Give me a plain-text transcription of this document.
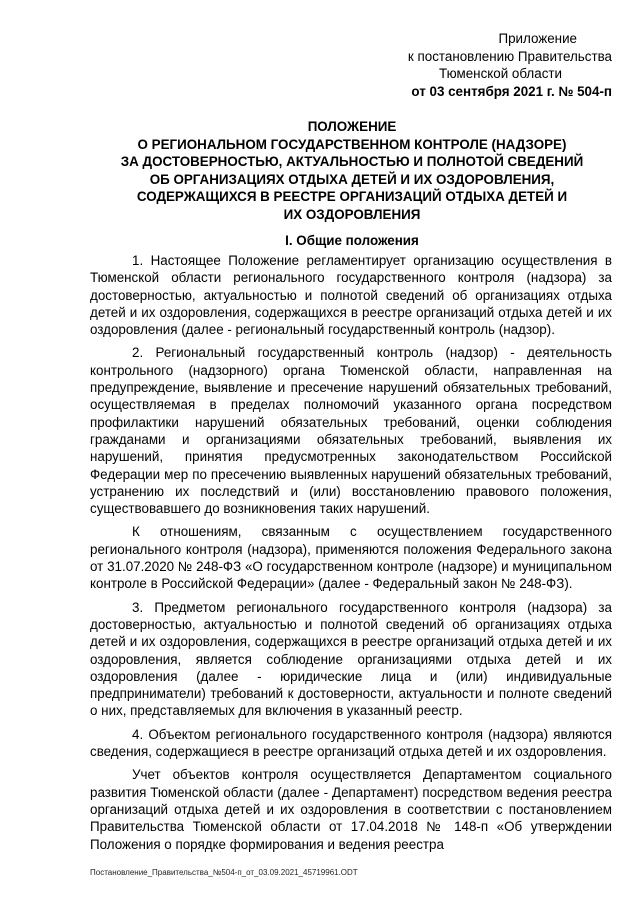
Приложение
к постановлению Правительства
Тюменской области
от 03 сентября 2021 г. № 504-п
ПОЛОЖЕНИЕ
О РЕГИОНАЛЬНОМ ГОСУДАРСТВЕННОМ КОНТРОЛЕ (НАДЗОРЕ)
ЗА ДОСТОВЕРНОСТЬЮ, АКТУАЛЬНОСТЬЮ И ПОЛНОТОЙ СВЕДЕНИЙ
ОБ ОРГАНИЗАЦИЯХ ОТДЫХА ДЕТЕЙ И ИХ ОЗДОРОВЛЕНИЯ,
СОДЕРЖАЩИХСЯ В РЕЕСТРЕ ОРГАНИЗАЦИЙ ОТДЫХА ДЕТЕЙ И
ИХ ОЗДОРОВЛЕНИЯ
I. Общие положения

1. Настоящее Положение регламентирует организацию осуществления в Тюменской области регионального государственного контроля (надзора) за достоверностью, актуальностью и полнотой сведений об организациях отдыха детей и их оздоровления, содержащихся в реестре организаций отдыха детей и их оздоровления (далее - региональный государственный контроль (надзор).

2. Региональный государственный контроль (надзор) - деятельность контрольного (надзорного) органа Тюменской области, направленная на предупреждение, выявление и пресечение нарушений обязательных требований, осуществляемая в пределах полномочий указанного органа посредством профилактики нарушений обязательных требований, оценки соблюдения гражданами и организациями обязательных требований, выявления их нарушений, принятия предусмотренных законодательством Российской Федерации мер по пресечению выявленных нарушений обязательных требований, устранению их последствий и (или) восстановлению правового положения, существовавшего до возникновения таких нарушений.

К отношениям, связанным с осуществлением государственного регионального контроля (надзора), применяются положения Федерального закона от 31.07.2020 № 248-ФЗ «О государственном контроле (надзоре) и муниципальном контроле в Российской Федерации» (далее - Федеральный закон № 248-ФЗ).

3. Предметом регионального государственного контроля (надзора) за достоверностью, актуальностью и полнотой сведений об организациях отдыха детей и их оздоровления, содержащихся в реестре организаций отдыха детей и их оздоровления, является соблюдение организациями отдыха детей и их оздоровления (далее - юридические лица и (или) индивидуальные предприниматели) требований к достоверности, актуальности и полноте сведений о них, представляемых для включения в указанный реестр.

4. Объектом регионального государственного контроля (надзора) являются сведения, содержащиеся в реестре организаций отдыха детей и их оздоровления.

Учет объектов контроля осуществляется Департаментом социального развития Тюменской области (далее - Департамент) посредством ведения реестра организаций отдыха детей и их оздоровления в соответствии с постановлением Правительства Тюменской области от 17.04.2018 № 148-п «Об утверждении Положения о порядке формирования и ведения реестра

Постановление_Правительства_№504-п_от_03.09.2021_45719961.ODT
